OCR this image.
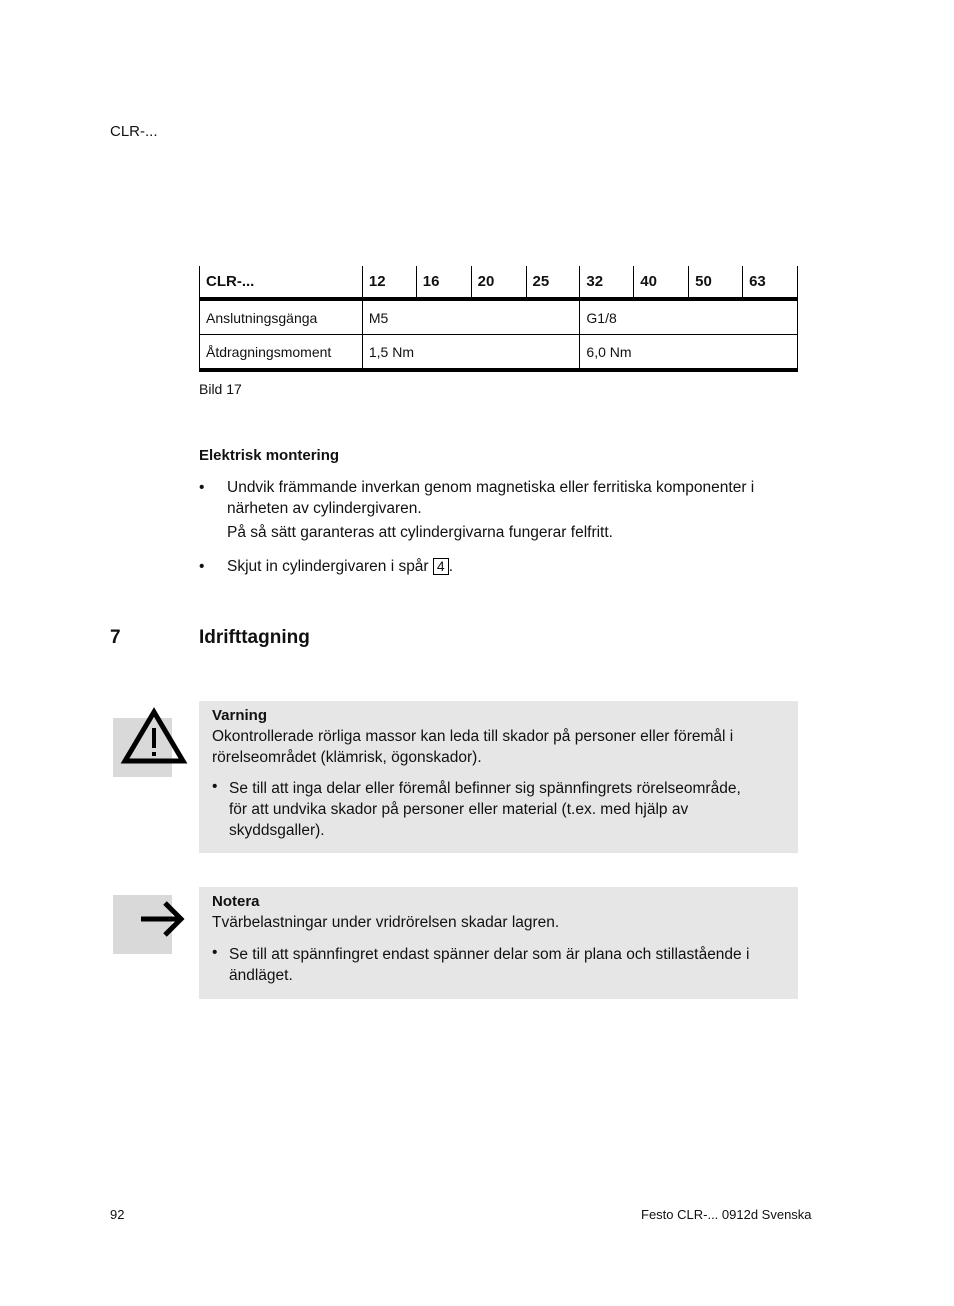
CLR-...
CLR-...	12	16	20	25	32	40	50	63
Anslutningsgänga	M5				G1/8			
Åtdragningsmoment	1,5 Nm				6,0 Nm			
Bild 17
Elektrisk montering
• Undvik främmande inverkan genom magnetiska eller ferritiska komponenter i
närheten av cylindergivaren.
På så sätt garanteras att cylindergivarna fungerar felfritt.
• Skjut in cylindergivaren i spår 4 .
7	Idrifttagning
Varning
Okontrollerade rörliga massor kan leda till skador på personer eller föremål i
rörelseområdet (klämrisk, ögonskador).
• Se till att inga delar eller föremål befinner sig spännfingrets rörelseområde,
för att undvika skador på personer eller material (t.ex. med hjälp av
skyddsgaller).
Notera
Tvärbelastningar under vridrörelsen skadar lagren.
• Se till att spännfingret endast spänner delar som är plana och stillastående i
ändläget.
92	Festo CLR-... 0912d Svenska
